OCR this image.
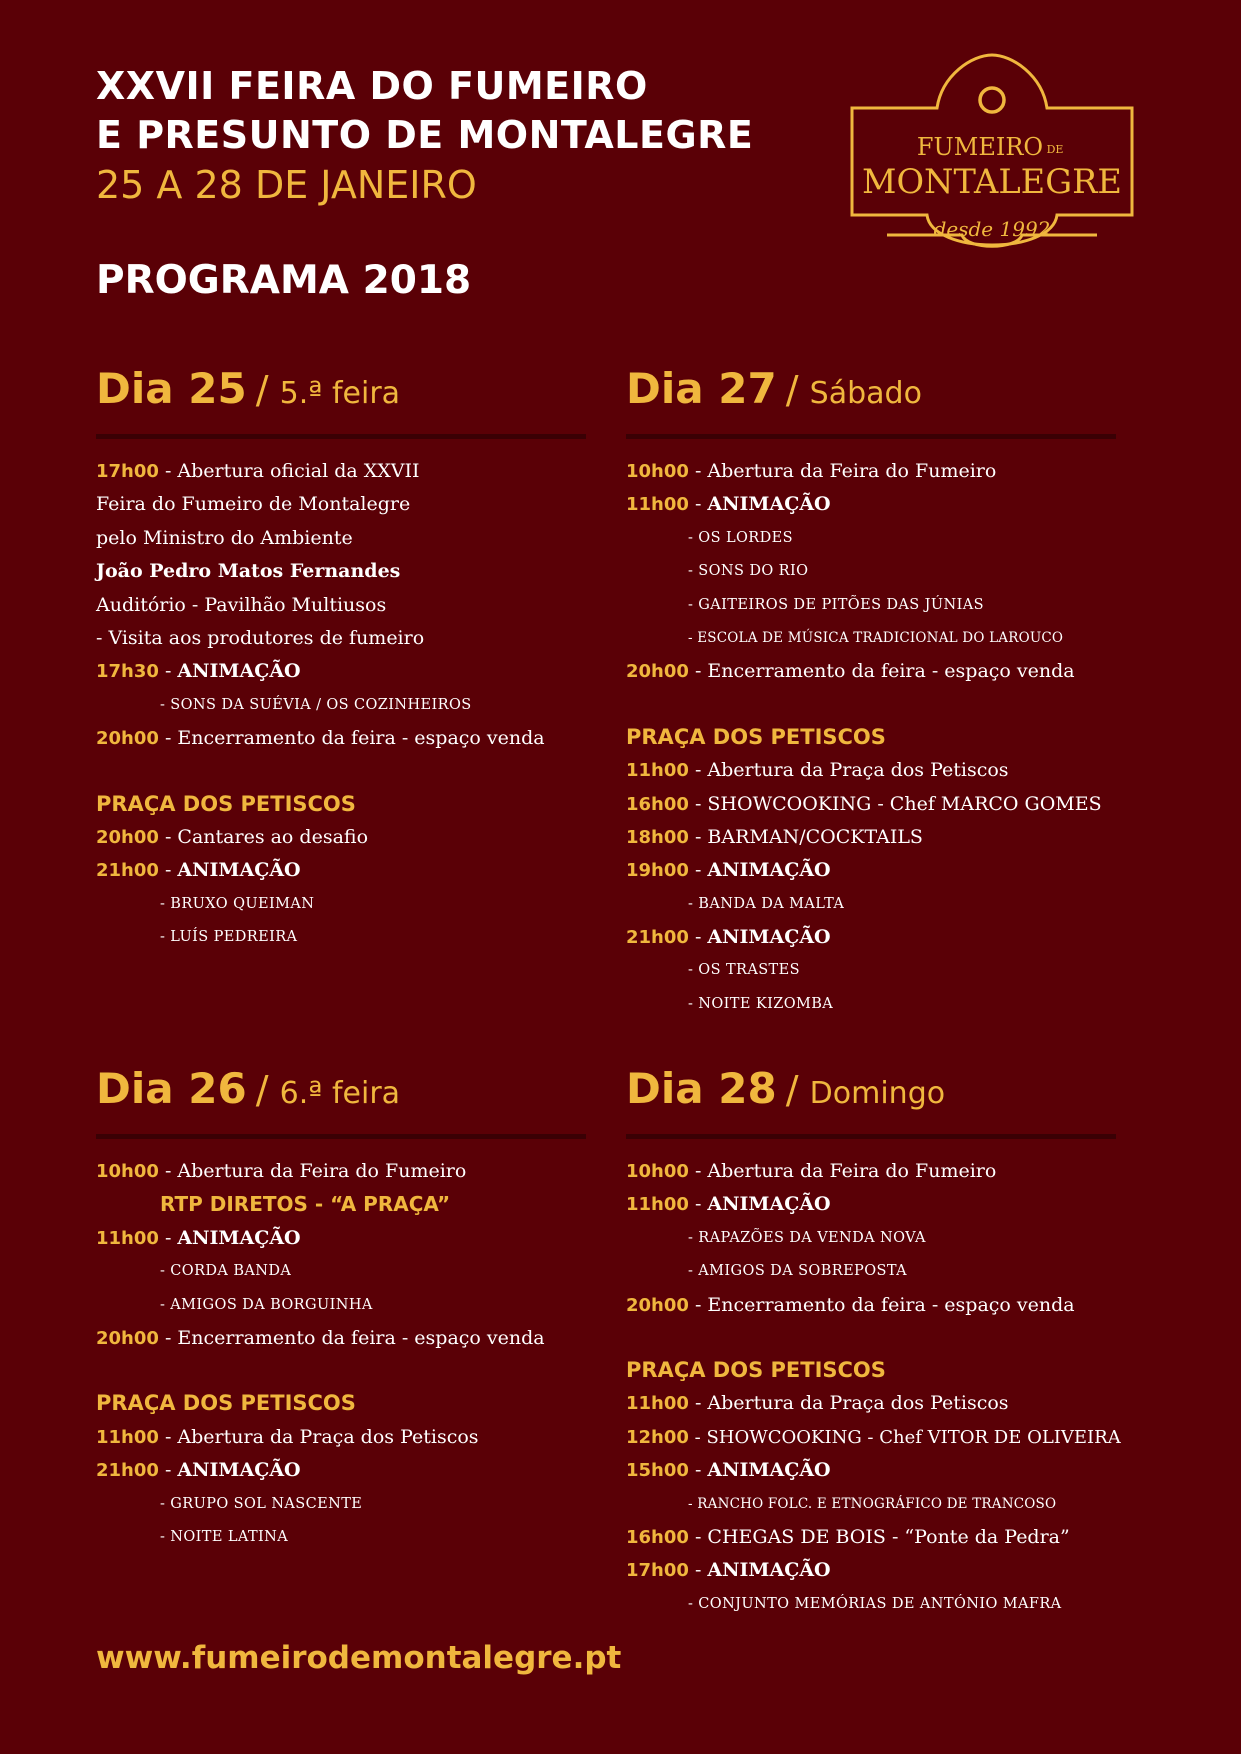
XXVII FEIRA DO FUMEIRO

E PRESUNTO DE MONTALEGRE

25 A 28 DE JANEIRO

PROGRAMA 2018
FUMEIRO DE
MONTALEGRE
desde 1992
Dia 25 / 5.ª feira
17h00 - Abertura oficial da XXVII
Feira do Fumeiro de Montalegre
pelo Ministro do Ambiente
João Pedro Matos Fernandes
Auditório - Pavilhão Multiusos
- Visita aos produtores de fumeiro
17h30 - ANIMAÇÃO
- SONS DA SUÉVIA / OS COZINHEIROS
20h00 - Encerramento da feira - espaço venda
PRAÇA DOS PETISCOS
20h00 - Cantares ao desafio
21h00 - ANIMAÇÃO
- BRUXO QUEIMAN
- LUÍS PEDREIRA
Dia 27 / Sábado
10h00 - Abertura da Feira do Fumeiro
11h00 - ANIMAÇÃO
- OS LORDES
- SONS DO RIO
- GAITEIROS DE PITÕES DAS JÚNIAS
- ESCOLA DE MÚSICA TRADICIONAL DO LAROUCO
20h00 - Encerramento da feira - espaço venda
PRAÇA DOS PETISCOS
11h00 - Abertura da Praça dos Petiscos
16h00 - SHOWCOOKING - Chef MARCO GOMES
18h00 - BARMAN/COCKTAILS
19h00 - ANIMAÇÃO
- BANDA DA MALTA
21h00 - ANIMAÇÃO
- OS TRASTES
- NOITE KIZOMBA
Dia 26 / 6.ª feira
10h00 - Abertura da Feira do Fumeiro
RTP DIRETOS - “A PRAÇA”
11h00 - ANIMAÇÃO
- CORDA BANDA
- AMIGOS DA BORGUINHA
20h00 - Encerramento da feira - espaço venda
PRAÇA DOS PETISCOS
11h00 - Abertura da Praça dos Petiscos
21h00 - ANIMAÇÃO
- GRUPO SOL NASCENTE
- NOITE LATINA
Dia 28 / Domingo
10h00 - Abertura da Feira do Fumeiro
11h00 - ANIMAÇÃO
- RAPAZÕES DA VENDA NOVA
- AMIGOS DA SOBREPOSTA
20h00 - Encerramento da feira - espaço venda
PRAÇA DOS PETISCOS
11h00 - Abertura da Praça dos Petiscos
12h00 - SHOWCOOKING - Chef VITOR DE OLIVEIRA
15h00 - ANIMAÇÃO
- RANCHO FOLC. E ETNOGRÁFICO DE TRANCOSO
16h00 - CHEGAS DE BOIS - “Ponte da Pedra”
17h00 - ANIMAÇÃO
- CONJUNTO MEMÓRIAS DE ANTÓNIO MAFRA
www.fumeirodemontalegre.pt
